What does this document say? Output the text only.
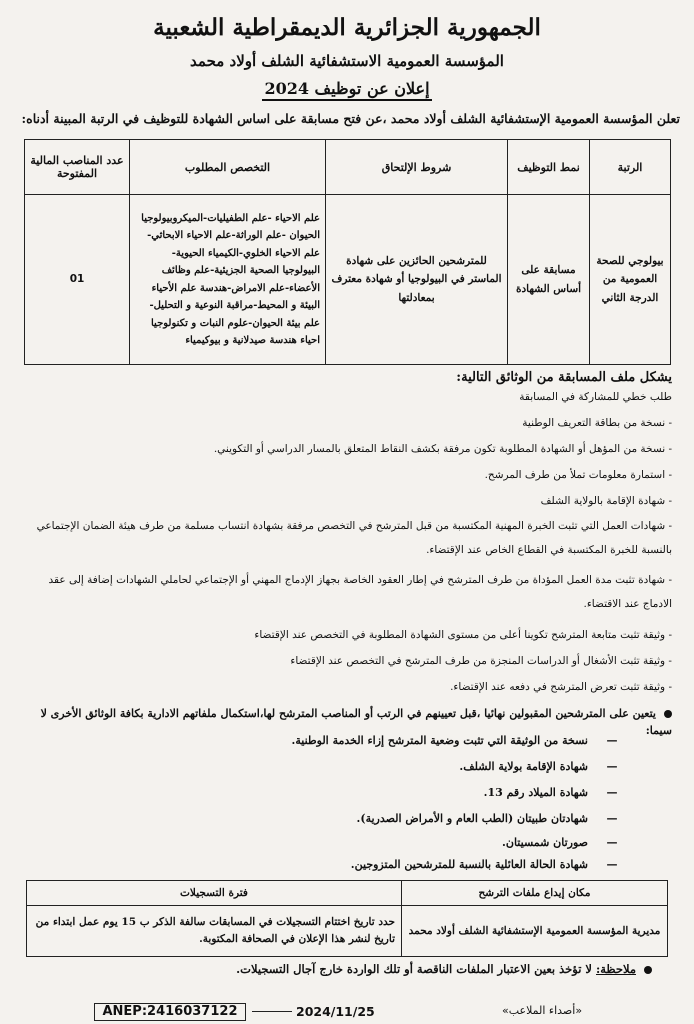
الجمهورية الجزائرية الديمقراطية الشعبية
المؤسسة العمومية الاستشفائية الشلف أولاد محمد
إعلان عن توظيف 2024
تعلن المؤسسة العمومية الإستشفائية الشلف أولاد محمد ،عن فتح مسابقة على اساس الشهادة للتوظيف في الرتبة المبينة أدناه:
الرتبة	نمط التوظيف	شروط الإلتحاق	التخصص المطلوب	عدد المناصب المالية المفتوحة
بيولوجي للصحة العمومية من الدرجة الثاني	مسابقة على أساس الشهادة	للمترشحين الحائزين على شهادة الماستر في البيولوجيا أو شهادة معترف بمعادلتها	علم الاحياء -علم الطفيليات-الميكروبيولوجيا الحيوان -علم الوراثة-علم الاحياء الابحاثي-علم الاحياء الخلوي-الكيمياء الحيوية-البيولوجيا الصحية الجزيئية-علم وظائف الأعضاء-علم الامراض-هندسة علم الأحياء البيئة و المحيط-مراقبة النوعية و التحليل-علم بيئة الحيوان-علوم النبات و تكنولوجيا احياء هندسة صيدلانية و بيوكيمياء	01
يشكل ملف المسابقة من الوثائق التالية:
طلب خطي للمشاركة في المسابقة
- نسخة من بطاقة التعريف الوطنية
- نسخة من المؤهل أو الشهادة المطلوبة تكون مرفقة بكشف النقاط المتعلق بالمسار الدراسي أو التكويني.
- استمارة معلومات تملأ من طرف المرشح.
- شهادة الإقامة بالولاية الشلف
- شهادات العمل التي تثبت الخبرة المهنية المكتسبة من قبل المترشح في التخصص مرفقة بشهادة انتساب مسلمة من طرف هيئة الضمان الإجتماعي بالنسبة للخبرة المكتسبة في القطاع الخاص عند الإقتضاء.
- شهادة تثبت مدة العمل المؤداة من طرف المترشح في إطار العقود الخاصة بجهاز الإدماج المهني أو الإجتماعي لحاملي الشهادات إضافة إلى عقد الادماج عند الاقتضاء.
- وثيقة تثبت متابعة المترشح تكوينا أعلى من مستوى الشهادة المطلوبة في التخصص عند الإقتضاء
- وثيقة تثبت الأشغال أو الدراسات المنجزة من طرف المترشح في التخصص عند الإقتضاء
- وثيقة تثبت تعرض المترشح في دفعه عند الإقتضاء.
يتعين على المترشحين المقبولين نهائيا ،قبل تعيينهم في الرتب أو المناصب المترشح لها،استكمال ملفاتهم الادارية بكافة الوثائق الأخرى لا سيما:
—نسخة من الوثيقة التي تثبت وضعية المترشح إزاء الخدمة الوطنية.
—شهادة الإقامة بولاية الشلف.
—شهادة الميلاد رقم 13.
—شهادتان طبيتان (الطب العام و الأمراض الصدرية).
—صورتان شمسيتان.
—شهادة الحالة العائلية بالنسبة للمترشحين المتزوجين.
مكان إيداع ملفات الترشح	فترة التسجيلات
مديرية المؤسسة العمومية الإستشفائية الشلف أولاد محمد	حدد تاريخ اختتام التسجيلات في المسابقات سالفة الذكر ب 15 يوم عمل ابتداء من تاريخ لنشر هذا الإعلان في الصحافة المكتوبة.
ملاحظة: لا تؤخذ بعين الاعتبار الملفات الناقصة أو تلك الواردة خارج آجال التسجيلات.
ANEP:2416037122	2024/11/25	«أصداء الملاعب»
